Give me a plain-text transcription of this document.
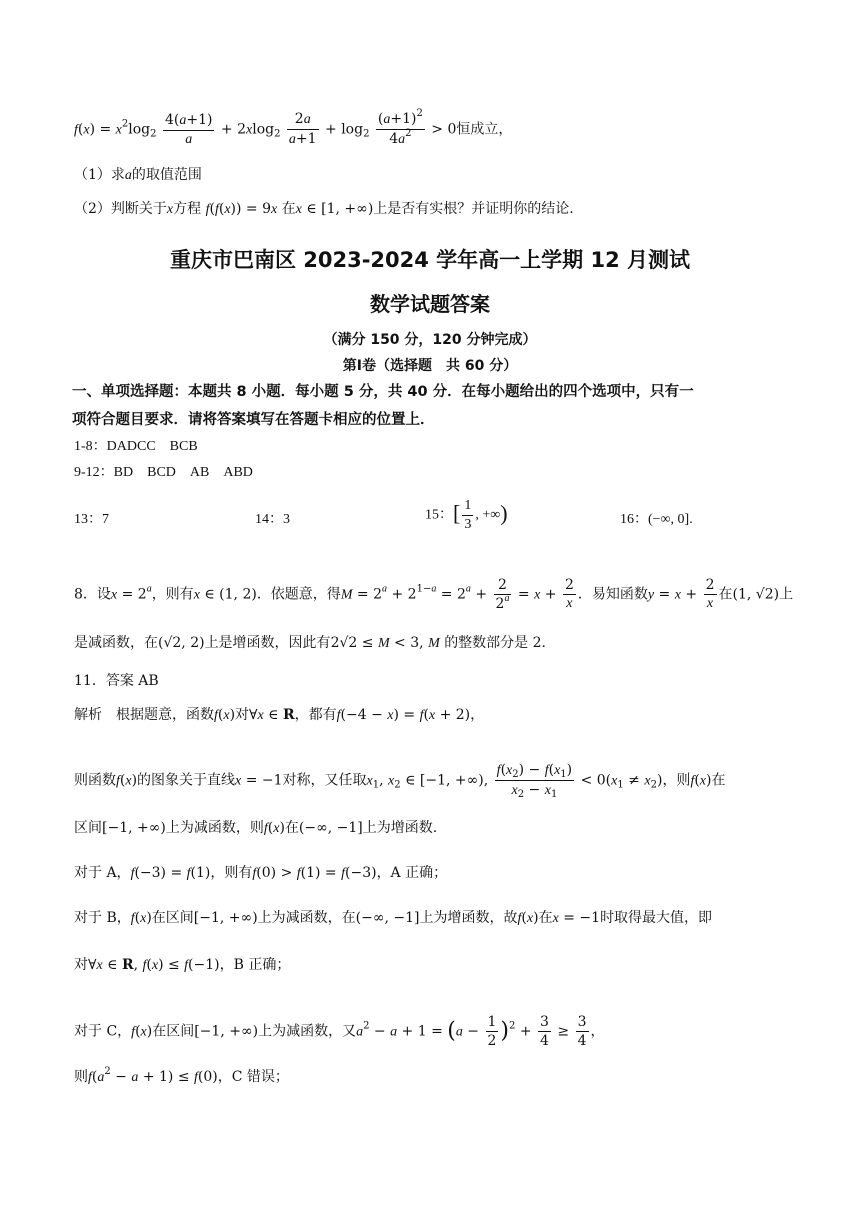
$f(x) = x^2\log_2 \frac{4(a+1)}{a} + 2xlog_2 \frac{2a}{a+1} + \log_2 \frac{(a+1)^2}{4a^2} > 0$恒成立，
（1）求a的取值范围
（2）判断关于x方程 f(f(x)) = 9x 在x ∈ [1, +∞)上是否有实根？并证明你的结论.
重庆市巴南区 2023-2024 学年高一上学期 12 月测试
数学试题答案
（满分 150 分，120 分钟完成）
第Ⅰ卷（选择题　共 60 分）
一、单项选择题：本题共 8 小题．每小题 5 分，共 40 分．在每小题给出的四个选项中，只有一
项符合题目要求．请将答案填写在答题卡相应的位置上．
1-8：DADCC　BCB
9-12：BD　BCD　AB　ABD
13：7	14：3	15：[ $\frac{1}{3}$ , +∞)	16：(−∞, 0].
8．设$x = 2^a$，则有x ∈ (1, 2)．依题意，得$M = 2^a + 2^{1-a} = 2^a + \frac{2}{2^a} = x + \frac{2}{x}$ ．易知函数$y = x + \frac{2}{x}$ 在(1, √2)上
是减函数，在(√2, 2)上是增函数，因此有2√2 ≤ M < 3, M 的整数部分是 2.
11．答案 AB
解析　根据题意，函数f(x)对∀x ∈ R，都有f(−4 − x) = f(x + 2)，
则函数f(x)的图象关于直线x = −1对称，又任取$x_1$, $x_2$ ∈ [−1, +∞), $\frac{f(x_2) - f(x_1)}{x_2 - x_1} < 0(x_1 \ne x_2)$，则f(x)在
区间[−1, +∞)上为减函数，则f(x)在(−∞, −1]上为增函数.
对于 A，f(−3) = f(1)，则有f(0) > f(1) = f(−3)，A 正确；
对于 B，f(x)在区间[−1, +∞)上为减函数，在(−∞, −1]上为增函数，故f(x)在x = −1时取得最大值，即
对∀x ∈ R, f(x) ≤ f(−1)，B 正确；
对于 C，f(x)在区间[−1, +∞)上为减函数，又$a^2 - a + 1 = (a - \frac{1}{2} )^2 + \frac{3}{4} \ge \frac{3}{4}$ ，
则$f(a^2 - a + 1) \le f(0)$，C 错误；
